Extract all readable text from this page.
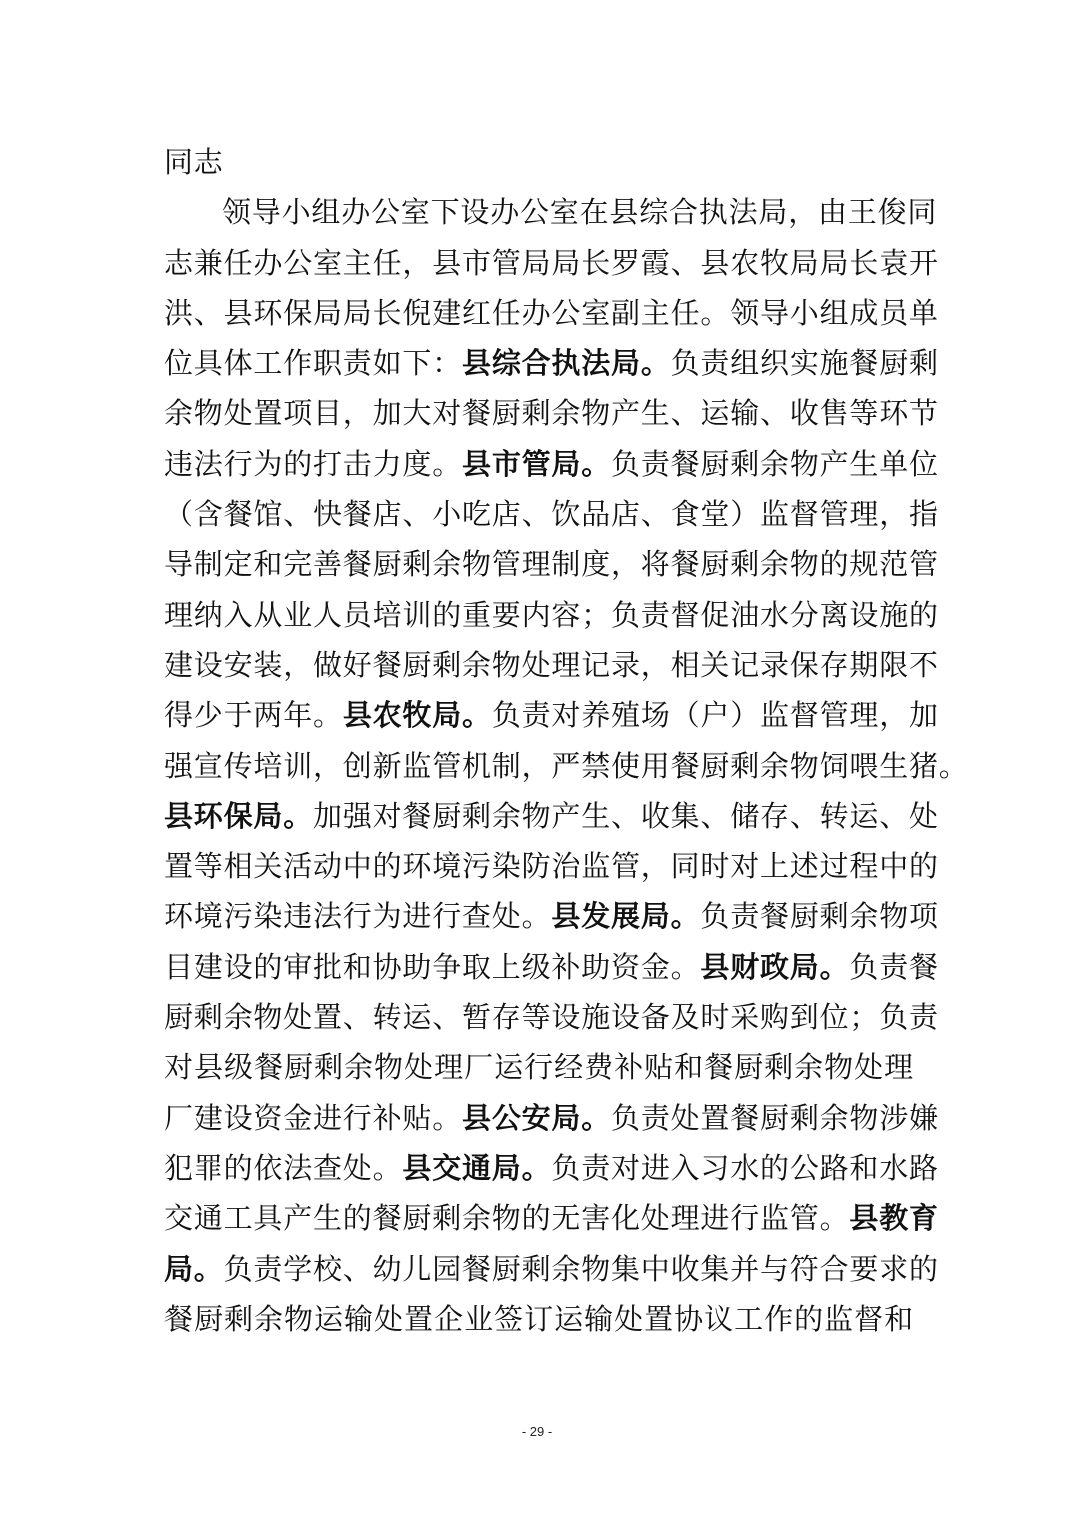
同志
领导小组办公室下设办公室在县综合执法局，由王俊同
志兼任办公室主任，县市管局局长罗霞、县农牧局局长袁开
洪、县环保局局长倪建红任办公室副主任。领导小组成员单
位具体工作职责如下：县综合执法局。负责组织实施餐厨剩
余物处置项目，加大对餐厨剩余物产生、运输、收售等环节
违法行为的打击力度。县市管局。负责餐厨剩余物产生单位
（含餐馆、快餐店、小吃店、饮品店、食堂）监督管理，指
导制定和完善餐厨剩余物管理制度，将餐厨剩余物的规范管
理纳入从业人员培训的重要内容；负责督促油水分离设施的
建设安装，做好餐厨剩余物处理记录，相关记录保存期限不
得少于两年。县农牧局。负责对养殖场（户）监督管理，加
强宣传培训，创新监管机制，严禁使用餐厨剩余物饲喂生猪。
县环保局。加强对餐厨剩余物产生、收集、储存、转运、处
置等相关活动中的环境污染防治监管，同时对上述过程中的
环境污染违法行为进行查处。县发展局。负责餐厨剩余物项
目建设的审批和协助争取上级补助资金。县财政局。负责餐
厨剩余物处置、转运、暂存等设施设备及时采购到位；负责
对县级餐厨剩余物处理厂运行经费补贴和餐厨剩余物处理
厂建设资金进行补贴。县公安局。负责处置餐厨剩余物涉嫌
犯罪的依法查处。县交通局。负责对进入习水的公路和水路
交通工具产生的餐厨剩余物的无害化处理进行监管。县教育
局。负责学校、幼儿园餐厨剩余物集中收集并与符合要求的
餐厨剩余物运输处置企业签订运输处置协议工作的监督和
- 29 -
